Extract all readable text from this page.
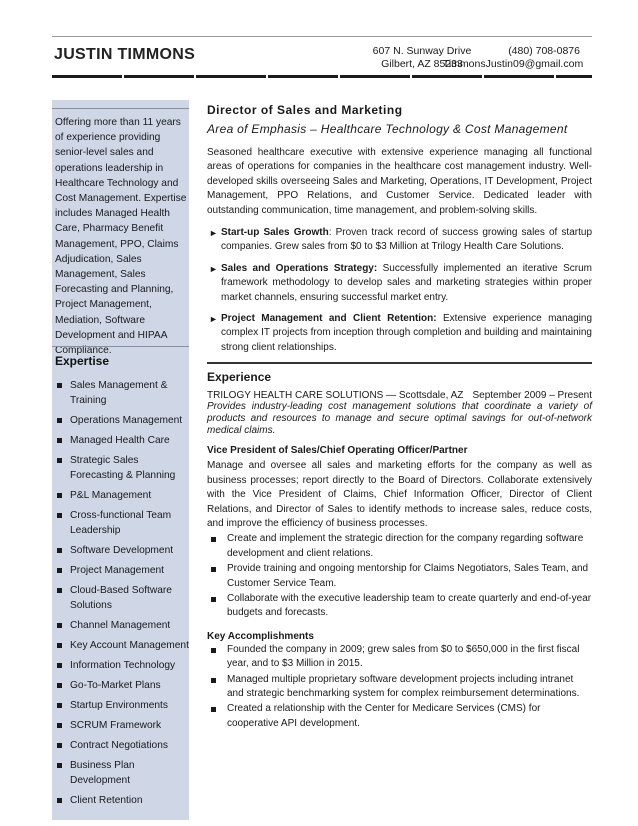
JUSTIN TIMMONS	607 N. Sunway Drive
Gilbert, AZ 85233
(480) 708-0876
TimmonsJustin09@gmail.com
Offering more than 11 years of experience providing senior-level sales and operations leadership in Healthcare Technology and Cost Management. Expertise includes Managed Health Care, Pharmacy Benefit Management, PPO, Claims Adjudication, Sales Management, Sales Forecasting and Planning, Project Management, Mediation, Software Development and HIPAA Compliance.
Expertise
Sales Management & Training
Operations Management
Managed Health Care
Strategic Sales Forecasting & Planning
P&L Management
Cross-functional Team Leadership
Software Development
Project Management
Cloud-Based Software Solutions
Channel Management
Key Account Management
Information Technology
Go-To-Market Plans
Startup Environments
SCRUM Framework
Contract Negotiations
Business Plan Development
Client Retention
Director of Sales and Marketing
Area of Emphasis – Healthcare Technology & Cost Management
Seasoned healthcare executive with extensive experience managing all functional areas of operations for companies in the healthcare cost management industry. Well-developed skills overseeing Sales and Marketing, Operations, IT Development, Project Management, PPO Relations, and Customer Service. Dedicated leader with outstanding communication, time management, and problem-solving skills.
► Start-up Sales Growth: Proven track record of success growing sales of startup companies. Grew sales from $0 to $3 Million at Trilogy Health Care Solutions.
► Sales and Operations Strategy: Successfully implemented an iterative Scrum framework methodology to develop sales and marketing strategies within proper market channels, ensuring successful market entry.
► Project Management and Client Retention: Extensive experience managing complex IT projects from inception through completion and building and maintaining strong client relationships.
Experience
TRILOGY HEALTH CARE SOLUTIONS — Scottsdale, AZ September 2009 – Present
Provides industry-leading cost management solutions that coordinate a variety of products and resources to manage and secure optimal savings for out-of-network medical claims.
Vice President of Sales/Chief Operating Officer/Partner
Manage and oversee all sales and marketing efforts for the company as well as business processes; report directly to the Board of Directors. Collaborate extensively with the Vice President of Claims, Chief Information Officer, Director of Client Relations, and Director of Sales to identify methods to increase sales, reduce costs, and improve the efficiency of business processes.
Create and implement the strategic direction for the company regarding software development and client relations.
Provide training and ongoing mentorship for Claims Negotiators, Sales Team, and Customer Service Team.
Collaborate with the executive leadership team to create quarterly and end-of-year budgets and forecasts.
Key Accomplishments
Founded the company in 2009; grew sales from $0 to $650,000 in the first fiscal year, and to $3 Million in 2015.
Managed multiple proprietary software development projects including intranet and strategic benchmarking system for complex reimbursement determinations.
Created a relationship with the Center for Medicare Services (CMS) for cooperative API development.
